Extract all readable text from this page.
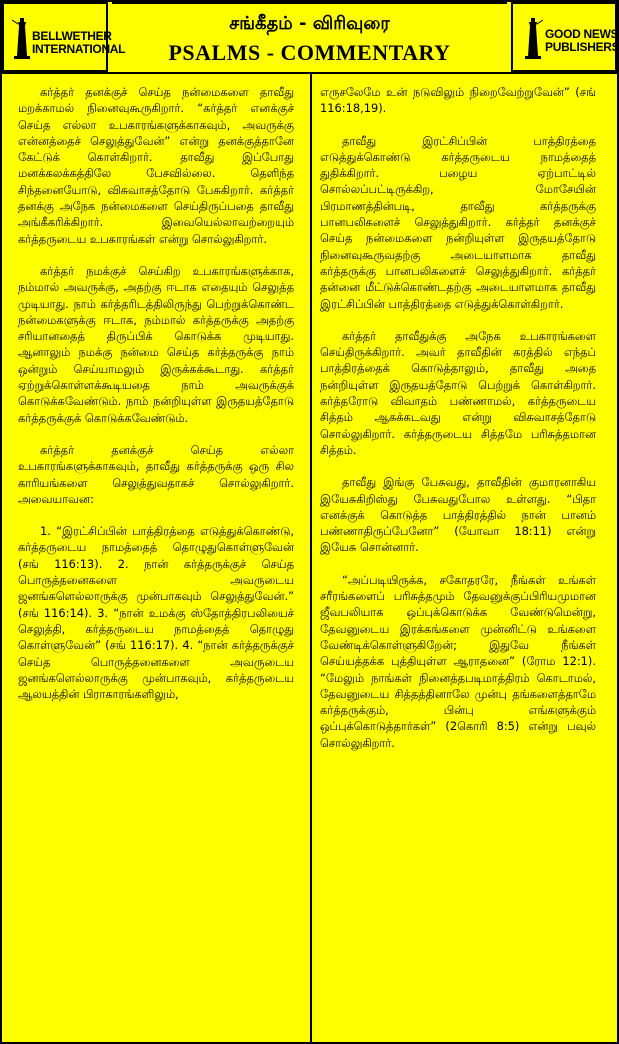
BELLWETHER
INTERNATIONAL
சங்கீதம் - விரிவுரை
PSALMS - COMMENTARY
GOOD NEWS
PUBLISHERS

கர்த்தர் தனக்குச் செய்த நன்மைகளை தாவீது மறக்காமல் நினைவுகூருகிறார். “கர்த்தர் எனக்குச் செய்த எல்லா உபகாரங்களுக்காகவும், அவருக்கு என்னத்தைச் செலுத்துவேன்” என்று தனக்குத்தானே கேட்டுக் கொள்கிறார். தாவீது இப்போது மனக்கலக்கத்திலே பேசவில்லை. தெளிந்த சிந்தனையோடு, விசுவாசத்தோடு பேசுகிறார். கர்த்தர் தனக்கு அநேக நன்மைகளை செய்திருப்பதை தாவீது அங்கீகரிக்கிறார். இவையெல்லாவற்றையும் கர்த்தருடைய உபகாரங்கள் என்று சொல்லுகிறார்.

கர்த்தர் நமக்குச் செய்கிற உபகாரங்களுக்காக, நம்மால் அவருக்கு, அதற்கு ஈடாக எதையும் செலுத்த முடியாது. நாம் கர்த்தரிடத்திலிருந்து பெற்றுக்கொண்ட நன்மைகளுக்கு ஈடாக, நம்மால் கர்த்தருக்கு அதற்கு சரியானதைத் திருப்பிக் கொடுக்க முடியாது. ஆனாலும் நமக்கு நன்மை செய்த கர்த்தருக்கு நாம் ஒன்றும் செய்யாமலும் இருக்கக்கூடாது. கர்த்தர் ஏற்றுக்கொள்ளக்கூடியதை நாம் அவருக்குக் கொடுக்கவேண்டும். நாம் நன்றியுள்ள இருதயத்தோடு கர்த்தருக்குக் கொடுக்கவேண்டும்.

கர்த்தர் தனக்குச் செய்த எல்லா உபகாரங்களுக்காகவும், தாவீது கர்த்தருக்கு ஒரு சில காரியங்களை செலுத்துவதாகச் சொல்லுகிறார். அவையாவன:

1. “இரட்சிப்பின் பாத்திரத்தை எடுத்துக்கொண்டு, கர்த்தருடைய நாமத்தைத் தொழுதுகொள்ளுவேன் (சங் 116:13). 2. நான் கர்த்தருக்குச் செய்த பொருத்தனைகளை அவருடைய ஜனங்களெல்லாருக்கு முன்பாகவும் செலுத்துவேன்.” (சங் 116:14). 3. “நான் உமக்கு ஸ்தோத்திரபலியைச் செலுத்தி, கர்த்தருடைய நாமத்தைத் தொழுது கொள்ளுவேன்” (சங் 116:17). 4. “நான் கர்த்தருக்குச் செய்த பொருத்தனைகளை அவருடைய ஜனங்களெல்லாருக்கு முன்பாகவும், கர்த்தருடைய ஆலயத்தின் பிராகாரங்களிலும்,

எருசலேமே உன் நடுவிலும் நிறைவேற்றுவேன்” (சங் 116:18,19).

தாவீது இரட்சிப்பின் பாத்திரத்தை எடுத்துக்கொண்டு கர்த்தருடைய நாமத்தைத் துதிக்கிறார். பழைய ஏற்பாட்டில் சொல்லப்பட்டிருக்கிற, மோசேயின் பிரமாணத்தின்படி, தாவீது கர்த்தருக்கு பானபலிகளைச் செலுத்துகிறார். கர்த்தர் தனக்குச் செய்த நன்மைகளை நன்றியுள்ள இருதயத்தோடு நினைவுகூருவதற்கு அடையாளமாக தாவீது கர்த்தருக்கு பானபலிகளைச் செலுத்துகிறார். கர்த்தர் தன்னை மீட்டுக்கொண்டதற்கு அடையாளமாக தாவீது இரட்சிப்பின் பாத்திரத்தை எடுத்துக்கொள்கிறார்.

கர்த்தர் தாவீதுக்கு அநேக உபகாரங்களை செய்திருக்கிறார். அவர் தாவீதின் கரத்தில் எந்தப் பாத்திரத்தைக் கொடுத்தாலும், தாவீது அதை நன்றியுள்ள இருதயத்தோடு பெற்றுக் கொள்கிறார். கர்த்தரோடு விவாதம் பண்ணாமல், கர்த்தருடைய சித்தம் ஆகக்கடவது என்று விசுவாசத்தோடு சொல்லுகிறார். கர்த்தருடைய சித்தமே பரிசுத்தமான சித்தம்.

தாவீது இங்கு பேசுவது, தாவீதின் குமாரனாகிய இயேசுகிறிஸ்து பேசுவதுபோல உள்ளது. “பிதா எனக்குக் கொடுத்த பாத்திரத்தில் நான் பானம் பண்ணாதிருப்பேனோ” (யோவா 18:11) என்று இயேசு சொன்னார்.

“அப்படியிருக்க, சகோதரரே, நீங்கள் உங்கள் சரீரங்களைப் பரிசுத்தமும் தேவனுக்குப்பிரியமுமான ஜீவபலியாக ஒப்புக்கொடுக்க வேண்டுமென்று, தேவனுடைய இரக்கங்களை முன்னிட்டு உங்களை வேண்டிக்கொள்ளுகிறேன்; இதுவே நீங்கள் செய்யத்தக்க புத்தியுள்ள ஆராதனை” (ரோம 12:1). “மேலும் நாங்கள் நினைத்தபடிமாத்திரம் கொடாமல், தேவனுடைய சித்தத்தினாலே முன்பு தங்களைத்தாமே கர்த்தருக்கும், பின்பு எங்களுக்கும் ஒப்புக்கொடுத்தார்கள்” (2கொரி 8:5) என்று பவுல் சொல்லுகிறார்.
